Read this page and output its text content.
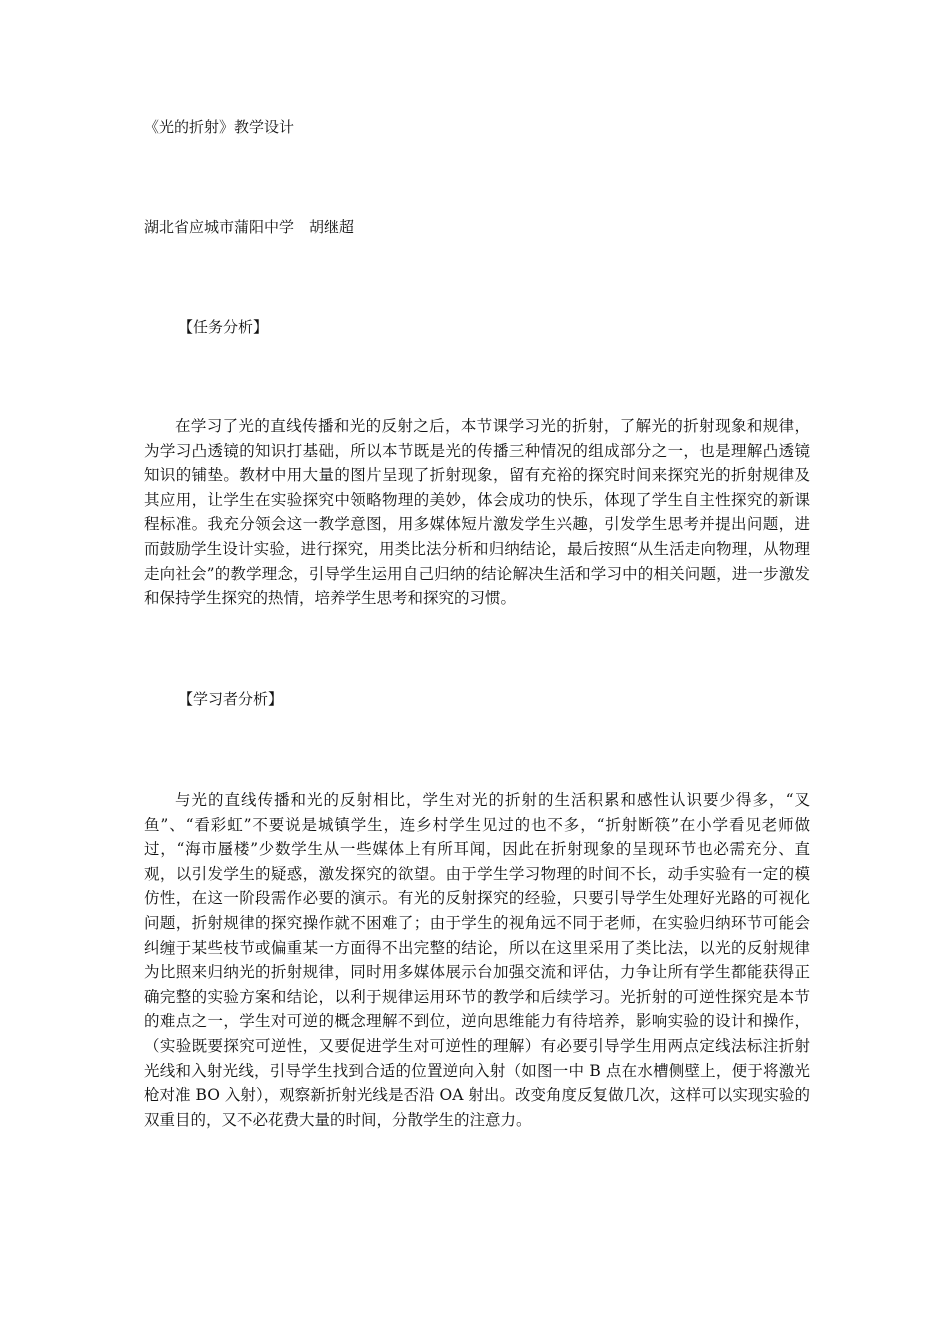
《光的折射》教学设计
湖北省应城市蒲阳中学　胡继超
【任务分析】
在学习了光的直线传播和光的反射之后，本节课学习光的折射，了解光的折射现象和规律，为学习凸透镜的知识打基础，所以本节既是光的传播三种情况的组成部分之一，也是理解凸透镜知识的铺垫。教材中用大量的图片呈现了折射现象，留有充裕的探究时间来探究光的折射规律及其应用，让学生在实验探究中领略物理的美妙，体会成功的快乐，体现了学生自主性探究的新课程标准。我充分领会这一教学意图，用多媒体短片激发学生兴趣，引发学生思考并提出问题，进而鼓励学生设计实验，进行探究，用类比法分析和归纳结论，最后按照“从生活走向物理，从物理走向社会”的教学理念，引导学生运用自己归纳的结论解决生活和学习中的相关问题，进一步激发和保持学生探究的热情，培养学生思考和探究的习惯。
【学习者分析】
与光的直线传播和光的反射相比，学生对光的折射的生活积累和感性认识要少得多，“叉鱼”、“看彩虹”不要说是城镇学生，连乡村学生见过的也不多，“折射断筷”在小学看见老师做过，“海市蜃楼”少数学生从一些媒体上有所耳闻，因此在折射现象的呈现环节也必需充分、直观，以引发学生的疑惑，激发探究的欲望。由于学生学习物理的时间不长，动手实验有一定的模仿性，在这一阶段需作必要的演示。有光的反射探究的经验，只要引导学生处理好光路的可视化问题，折射规律的探究操作就不困难了；由于学生的视角远不同于老师，在实验归纳环节可能会纠缠于某些枝节或偏重某一方面得不出完整的结论，所以在这里采用了类比法，以光的反射规律为比照来归纳光的折射规律，同时用多媒体展示台加强交流和评估，力争让所有学生都能获得正确完整的实验方案和结论，以利于规律运用环节的教学和后续学习。光折射的可逆性探究是本节的难点之一，学生对可逆的概念理解不到位，逆向思维能力有待培养，影响实验的设计和操作，（实验既要探究可逆性，又要促进学生对可逆性的理解）有必要引导学生用两点定线法标注折射光线和入射光线，引导学生找到合适的位置逆向入射（如图一中 B 点在水槽侧壁上，便于将激光枪对准 BO 入射），观察新折射光线是否沿 OA 射出。改变角度反复做几次，这样可以实现实验的双重目的，又不必花费大量的时间，分散学生的注意力。
